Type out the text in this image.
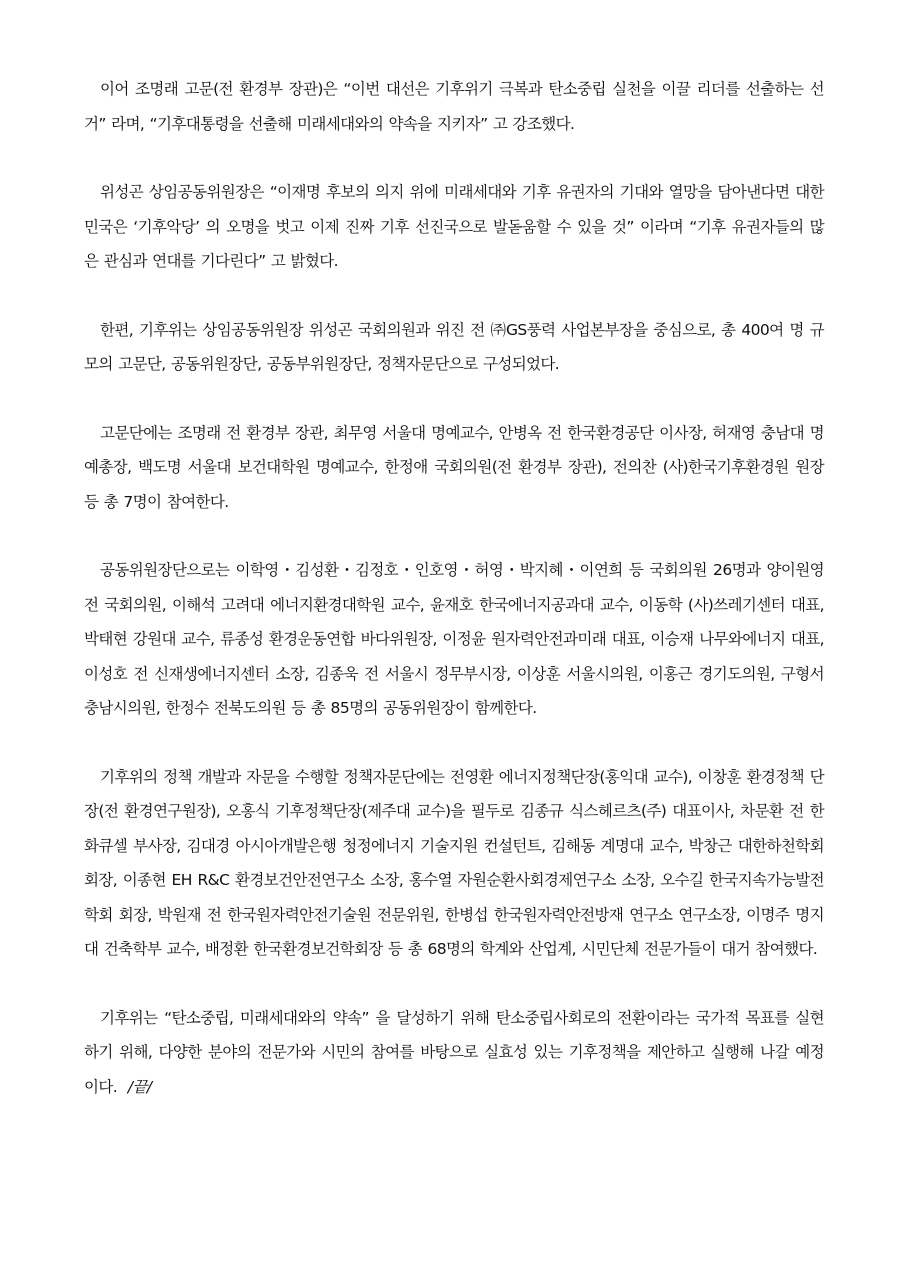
이어 조명래 고문(전 환경부 장관)은 “이번 대선은 기후위기 극복과 탄소중립 실천을 이끌 리더를 선출하는 선거” 라며, “기후대통령을 선출해 미래세대와의 약속을 지키자” 고 강조했다.

위성곤 상임공동위원장은 “이재명 후보의 의지 위에 미래세대와 기후 유권자의 기대와 열망을 담아낸다면 대한민국은 ‘기후악당’ 의 오명을 벗고 이제 진짜 기후 선진국으로 발돋움할 수 있을 것” 이라며 “기후 유권자들의 많은 관심과 연대를 기다린다” 고 밝혔다.

한편, 기후위는 상임공동위원장 위성곤 국회의원과 위진 전 ㈜GS풍력 사업본부장을 중심으로, 총 400여 명 규모의 고문단, 공동위원장단, 공동부위원장단, 정책자문단으로 구성되었다.

고문단에는 조명래 전 환경부 장관, 최무영 서울대 명예교수, 안병옥 전 한국환경공단 이사장, 허재영 충남대 명예총장, 백도명 서울대 보건대학원 명예교수, 한정애 국회의원(전 환경부 장관), 전의찬 (사)한국기후환경원 원장 등 총 7명이 참여한다.

공동위원장단으로는 이학영・김성환・김정호・인호영・허영・박지혜・이연희 등 국회의원 26명과 양이원영 전 국회의원, 이해석 고려대 에너지환경대학원 교수, 윤재호 한국에너지공과대 교수, 이동학 (사)쓰레기센터 대표, 박태현 강원대 교수, 류종성 환경운동연합 바다위원장, 이정윤 원자력안전과미래 대표, 이승재 나무와에너지 대표, 이성호 전 신재생에너지센터 소장, 김종욱 전 서울시 정무부시장, 이상훈 서울시의원, 이홍근 경기도의원, 구형서 충남시의원, 한정수 전북도의원 등 총 85명의 공동위원장이 함께한다.

기후위의 정책 개발과 자문을 수행할 정책자문단에는 전영환 에너지정책단장(홍익대 교수), 이창훈 환경정책 단장(전 환경연구원장), 오홍식 기후정책단장(제주대 교수)을 필두로 김종규 식스헤르츠(주) 대표이사, 차문환 전 한화큐셀 부사장, 김대경 아시아개발은행 청정에너지 기술지원 컨설턴트, 김해동 계명대 교수, 박창근 대한하천학회 회장, 이종현 EH R&C 환경보건안전연구소 소장, 홍수열 자원순환사회경제연구소 소장, 오수길 한국지속가능발전학회 회장, 박원재 전 한국원자력안전기술원 전문위원, 한병섭 한국원자력안전방재 연구소 연구소장, 이명주 명지대 건축학부 교수, 배정환 한국환경보건학회장 등 총 68명의 학계와 산업계, 시민단체 전문가들이 대거 참여했다.

기후위는 “탄소중립, 미래세대와의 약속” 을 달성하기 위해 탄소중립사회로의 전환이라는 국가적 목표를 실현하기 위해, 다양한 분야의 전문가와 시민의 참여를 바탕으로 실효성 있는 기후정책을 제안하고 실행해 나갈 예정이다. /끝/
